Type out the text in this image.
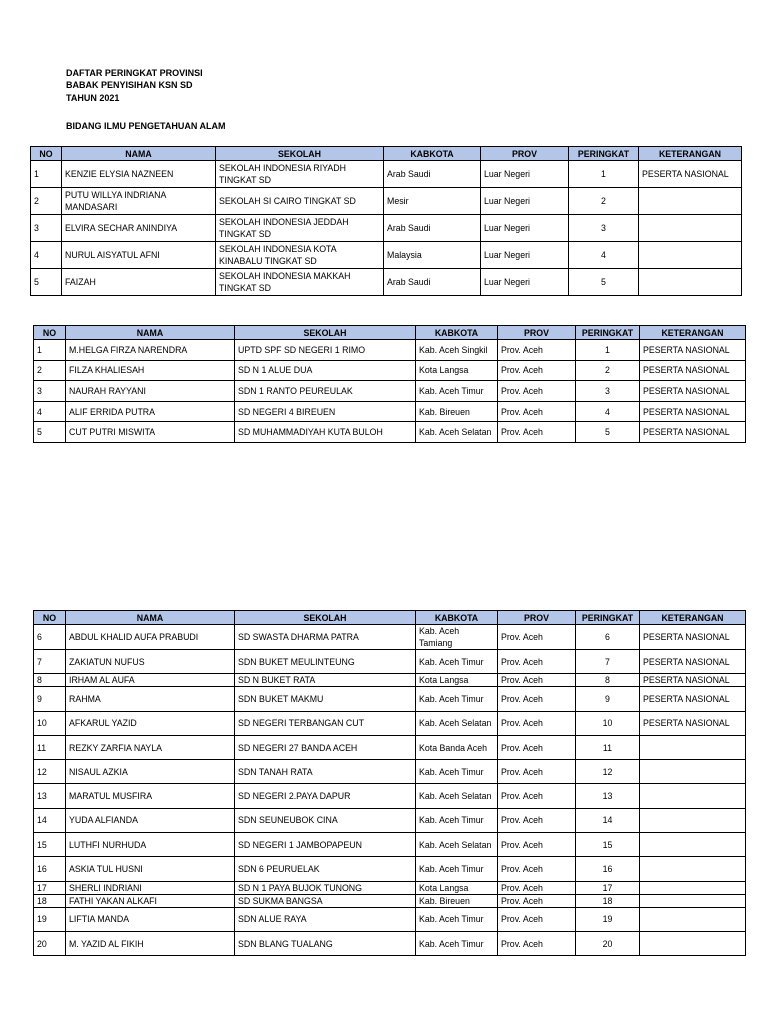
DAFTAR PERINGKAT PROVINSI
BABAK PENYISIHAN KSN SD
TAHUN 2021
BIDANG ILMU PENGETAHUAN ALAM
NO	NAMA	SEKOLAH	KABKOTA	PROV	PERINGKAT	KETERANGAN
1	KENZIE ELYSIA NAZNEEN	SEKOLAH INDONESIA RIYADH TINGKAT SD	Arab Saudi	Luar Negeri	1	PESERTA NASIONAL
2	PUTU WILLYA INDRIANA MANDASARI	SEKOLAH SI CAIRO TINGKAT SD	Mesir	Luar Negeri	2	
3	ELVIRA SECHAR ANINDIYA	SEKOLAH INDONESIA JEDDAH TINGKAT SD	Arab Saudi	Luar Negeri	3	
4	NURUL AISYATUL AFNI	SEKOLAH INDONESIA KOTA KINABALU TINGKAT SD	Malaysia	Luar Negeri	4	
5	FAIZAH	SEKOLAH INDONESIA MAKKAH TINGKAT SD	Arab Saudi	Luar Negeri	5	
NO	NAMA	SEKOLAH	KABKOTA	PROV	PERINGKAT	KETERANGAN
1	M.HELGA FIRZA NARENDRA	UPTD SPF SD NEGERI 1 RIMO	Kab. Aceh Singkil	Prov. Aceh	1	PESERTA NASIONAL
2	FILZA KHALIESAH	SD N 1 ALUE DUA	Kota Langsa	Prov. Aceh	2	PESERTA NASIONAL
3	NAURAH RAYYANI	SDN 1 RANTO PEUREULAK	Kab. Aceh Timur	Prov. Aceh	3	PESERTA NASIONAL
4	ALIF ERRIDA PUTRA	SD NEGERI 4 BIREUEN	Kab. Bireuen	Prov. Aceh	4	PESERTA NASIONAL
5	CUT PUTRI MISWITA	SD MUHAMMADIYAH KUTA BULOH	Kab. Aceh Selatan	Prov. Aceh	5	PESERTA NASIONAL
NO	NAMA	SEKOLAH	KABKOTA	PROV	PERINGKAT	KETERANGAN
6	ABDUL KHALID AUFA PRABUDI	SD SWASTA DHARMA PATRA	Kab. Aceh Tamiang	Prov. Aceh	6	PESERTA NASIONAL
7	ZAKIATUN NUFUS	SDN BUKET MEULINTEUNG	Kab. Aceh Timur	Prov. Aceh	7	PESERTA NASIONAL
8	IRHAM AL AUFA	SD N BUKET RATA	Kota Langsa	Prov. Aceh	8	PESERTA NASIONAL
9	RAHMA	SDN BUKET MAKMU	Kab. Aceh Timur	Prov. Aceh	9	PESERTA NASIONAL
10	AFKARUL YAZID	SD NEGERI TERBANGAN CUT	Kab. Aceh Selatan	Prov. Aceh	10	PESERTA NASIONAL
11	REZKY ZARFIA NAYLA	SD NEGERI 27 BANDA ACEH	Kota Banda Aceh	Prov. Aceh	11	
12	NISAUL AZKIA	SDN TANAH RATA	Kab. Aceh Timur	Prov. Aceh	12	
13	MARATUL MUSFIRA	SD NEGERI 2.PAYA DAPUR	Kab. Aceh Selatan	Prov. Aceh	13	
14	YUDA ALFIANDA	SDN SEUNEUBOK CINA	Kab. Aceh Timur	Prov. Aceh	14	
15	LUTHFI NURHUDA	SD NEGERI 1 JAMBOPAPEUN	Kab. Aceh Selatan	Prov. Aceh	15	
16	ASKIA TUL HUSNI	SDN 6 PEURUELAK	Kab. Aceh Timur	Prov. Aceh	16	
17	SHERLI INDRIANI	SD N 1 PAYA BUJOK TUNONG	Kota Langsa	Prov. Aceh	17	
18	FATHI YAKAN ALKAFI	SD SUKMA BANGSA	Kab. Bireuen	Prov. Aceh	18	
19	LIFTIA MANDA	SDN ALUE RAYA	Kab. Aceh Timur	Prov. Aceh	19	
20	M. YAZID AL FIKIH	SDN BLANG TUALANG	Kab. Aceh Timur	Prov. Aceh	20	
